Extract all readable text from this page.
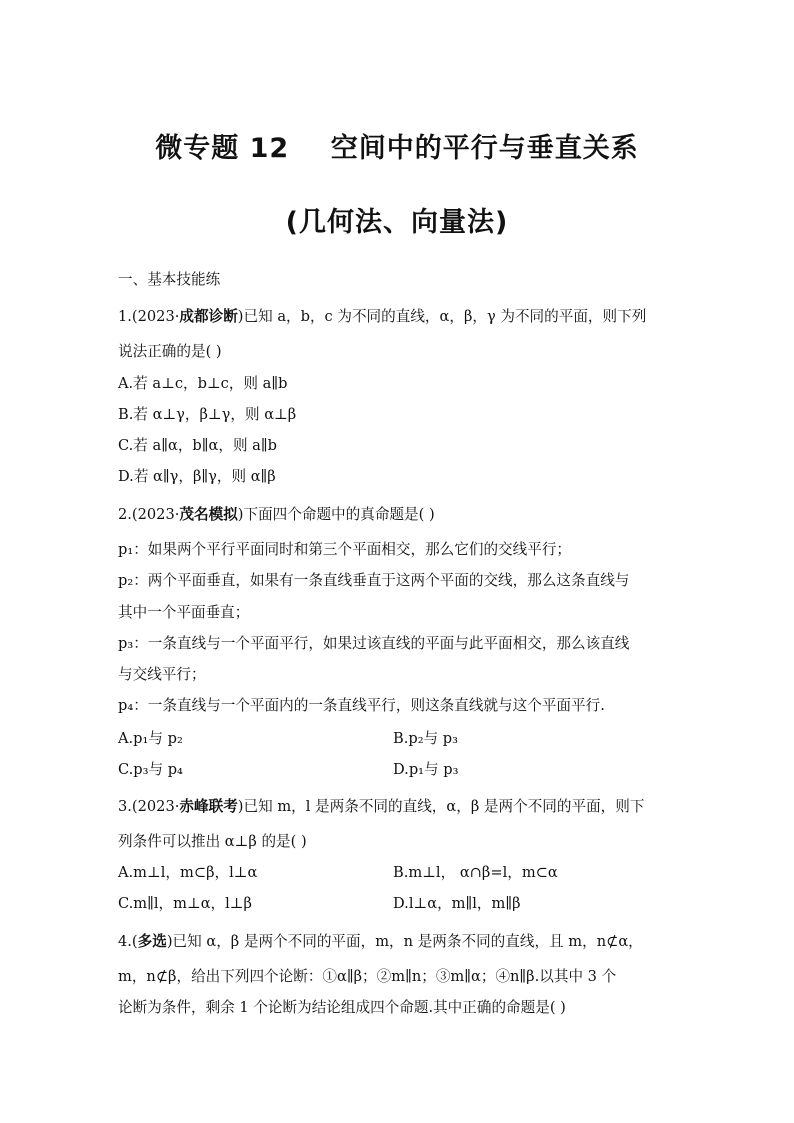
微专题 12    空间中的平行与垂直关系
(几何法、向量法)
一、基本技能练
1.(2023·成都诊断)已知 a，b，c 为不同的直线，α，β，γ 为不同的平面，则下列
说法正确的是( )
A.若 a⊥c，b⊥c，则 a∥b
B.若 α⊥γ，β⊥γ，则 α⊥β
C.若 a∥α，b∥α，则 a∥b
D.若 α∥γ，β∥γ，则 α∥β
2.(2023·茂名模拟)下面四个命题中的真命题是( )
p₁：如果两个平行平面同时和第三个平面相交，那么它们的交线平行；
p₂：两个平面垂直，如果有一条直线垂直于这两个平面的交线，那么这条直线与
其中一个平面垂直；
p₃：一条直线与一个平面平行，如果过该直线的平面与此平面相交，那么该直线
与交线平行；
p₄：一条直线与一个平面内的一条直线平行，则这条直线就与这个平面平行.
A.p₁与 p₂	B.p₂与 p₃
C.p₃与 p₄	D.p₁与 p₃
3.(2023·赤峰联考)已知 m，l 是两条不同的直线，α，β 是两个不同的平面，则下
列条件可以推出 α⊥β 的是( )
A.m⊥l，m⊂β，l⊥α	B.m⊥l， α∩β=l，m⊂α
C.m∥l，m⊥α，l⊥β	D.l⊥α，m∥l，m∥β
4.(多选)已知 α，β 是两个不同的平面，m，n 是两条不同的直线，且 m，n⊄α，
m，n⊄β，给出下列四个论断：①α∥β；②m∥n；③m∥α；④n∥β.以其中 3 个
论断为条件，剩余 1 个论断为结论组成四个命题.其中正确的命题是( )
